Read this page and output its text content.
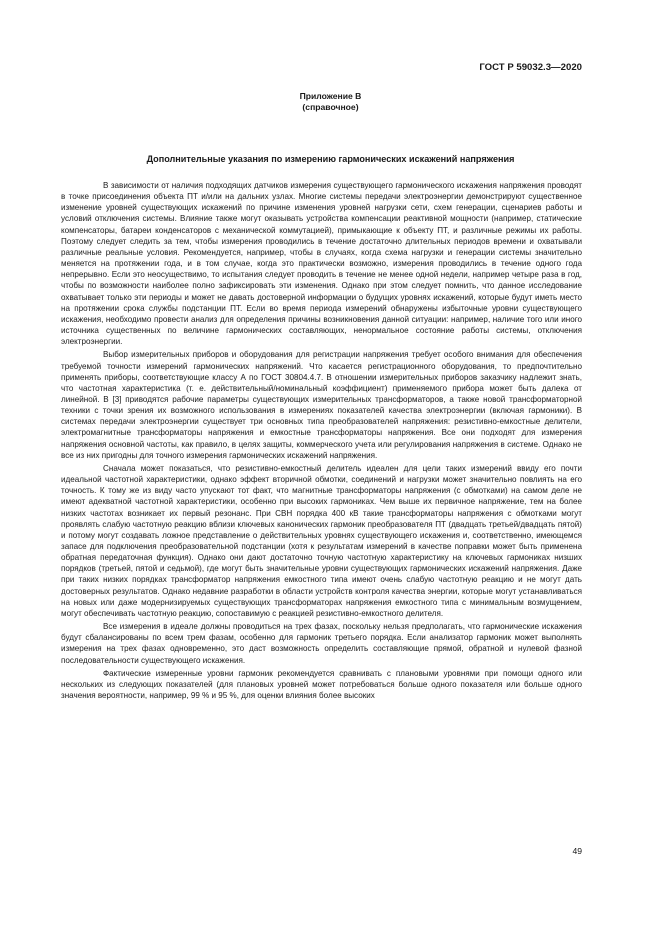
ГОСТ Р 59032.3—2020
Приложение В
(справочное)
Дополнительные указания по измерению гармонических искажений напряжения

В зависимости от наличия подходящих датчиков измерения существующего гармонического искажения напряжения проводят в точке присоединения объекта ПТ и/или на дальних узлах. Многие системы передачи электроэнергии демонстрируют существенное изменение уровней существующих искажений по причине изменения уровней нагрузки сети, схем генерации, сценариев работы и условий отключения системы. Влияние также могут оказывать устройства компенсации реактивной мощности (например, статические компенсаторы, батареи конденсаторов с механической коммутацией), примыкающие к объекту ПТ, и различные режимы их работы. Поэтому следует следить за тем, чтобы измерения проводились в течение достаточно длительных периодов времени и охватывали различные реальные условия. Рекомендуется, например, чтобы в случаях, когда схема нагрузки и генерации системы значительно меняется на протяжении года, и в том случае, когда это практически возможно, измерения проводились в течение одного года непрерывно. Если это неосуществимо, то испытания следует проводить в течение не менее одной недели, например четыре раза в год, чтобы по возможности наиболее полно зафиксировать эти изменения. Однако при этом следует помнить, что данное исследование охватывает только эти периоды и может не давать достоверной информации о будущих уровнях искажений, которые будут иметь место на протяжении срока службы подстанции ПТ. Если во время периода измерений обнаружены избыточные уровни существующего искажения, необходимо провести анализ для определения причины возникновения данной ситуации: например, наличие того или иного источника существенных по величине гармонических составляющих, ненормальное состояние работы системы, отключения электроэнергии.

Выбор измерительных приборов и оборудования для регистрации напряжения требует особого внимания для обеспечения требуемой точности измерений гармонических напряжений. Что касается регистрационного оборудования, то предпочтительно применять приборы, соответствующие классу А по ГОСТ 30804.4.7. В отношении измерительных приборов заказчику надлежит знать, что частотная характеристика (т. е. действительный/номинальный коэффициент) применяемого прибора может быть далека от линейной. В [3] приводятся рабочие параметры существующих измерительных трансформаторов, а также новой трансформаторной техники с точки зрения их возможного использования в измерениях показателей качества электроэнергии (включая гармоники). В системах передачи электроэнергии существует три основных типа преобразователей напряжения: резистивно-емкостные делители, электромагнитные трансформаторы напряжения и емкостные трансформаторы напряжения. Все они подходят для измерения напряжения основной частоты, как правило, в целях защиты, коммерческого учета или регулирования напряжения в системе. Однако не все из них пригодны для точного измерения гармонических искажений напряжения.

Сначала может показаться, что резистивно-емкостный делитель идеален для цели таких измерений ввиду его почти идеальной частотной характеристики, однако эффект вторичной обмотки, соединений и нагрузки может значительно повлиять на его точность. К тому же из виду часто упускают тот факт, что магнитные трансформаторы напряжения (с обмотками) на самом деле не имеют адекватной частотной характеристики, особенно при высоких гармониках. Чем выше их первичное напряжение, тем на более низких частотах возникает их первый резонанс. При СВН порядка 400 кВ такие трансформаторы напряжения с обмотками могут проявлять слабую частотную реакцию вблизи ключевых канонических гармоник преобразователя ПТ (двадцать третьей/двадцать пятой) и потому могут создавать ложное представление о действительных уровнях существующего искажения и, соответственно, имеющемся запасе для подключения преобразовательной подстанции (хотя к результатам измерений в качестве поправки может быть применена обратная передаточная функция). Однако они дают достаточно точную частотную характеристику на ключевых гармониках низших порядков (третьей, пятой и седьмой), где могут быть значительные уровни существующих гармонических искажений напряжения. Даже при таких низких порядках трансформатор напряжения емкостного типа имеют очень слабую частотную реакцию и не могут дать достоверных результатов. Однако недавние разработки в области устройств контроля качества энергии, которые могут устанавливаться на новых или даже модернизируемых существующих трансформаторах напряжения емкостного типа с минимальным возмущением, могут обеспечивать частотную реакцию, сопоставимую с реакцией резистивно-емкостного делителя.

Все измерения в идеале должны проводиться на трех фазах, поскольку нельзя предполагать, что гармонические искажения будут сбалансированы по всем трем фазам, особенно для гармоник третьего порядка. Если анализатор гармоник может выполнять измерения на трех фазах одновременно, это даст возможность определить составляющие прямой, обратной и нулевой фазной последовательности существующего искажения.

Фактические измеренные уровни гармоник рекомендуется сравнивать с плановыми уровнями при помощи одного или нескольких из следующих показателей (для плановых уровней может потребоваться больше одного показателя или больше одного значения вероятности, например, 99 % и 95 %, для оценки влияния более высоких

49
